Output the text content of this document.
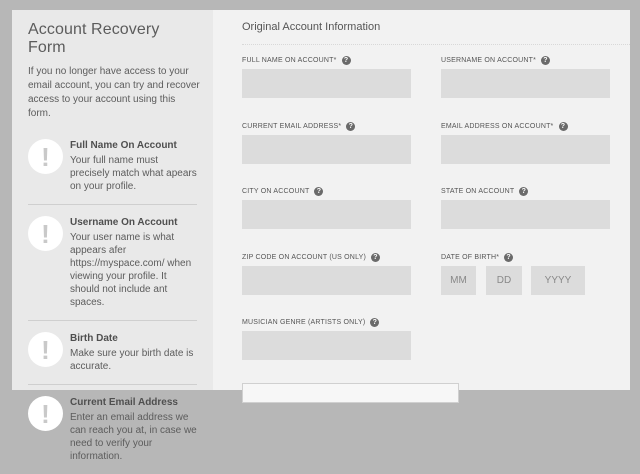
Account Recovery Form

If you no longer have access to your email account, you can try and recover access to your account using this form.

! Full Name On Account
Your full name must precisely match what apears on your profile.
! Username On Account
Your user name is what appears afer https://myspace.com/ when viewing your profile. It should not include ant spaces.
! Birth Date
Make sure your birth date is accurate.
! Current Email Address
Enter an email address we can reach you at, in case we need to verify your information.
Original Account Information
FULL NAME ON ACCOUNT*	?	USERNAME ON ACCOUNT*	?
CURRENT EMAIL ADDRESS*	?	EMAIL ADDRESS ON ACCOUNT*	?
CITY ON ACCOUNT	?	STATE ON ACCOUNT	?
ZIP CODE ON ACCOUNT (US ONLY)	?	DATE OF BIRTH*	?
MM	DD	YYYY
MUSICIAN GENRE (ARTISTS ONLY)	?
